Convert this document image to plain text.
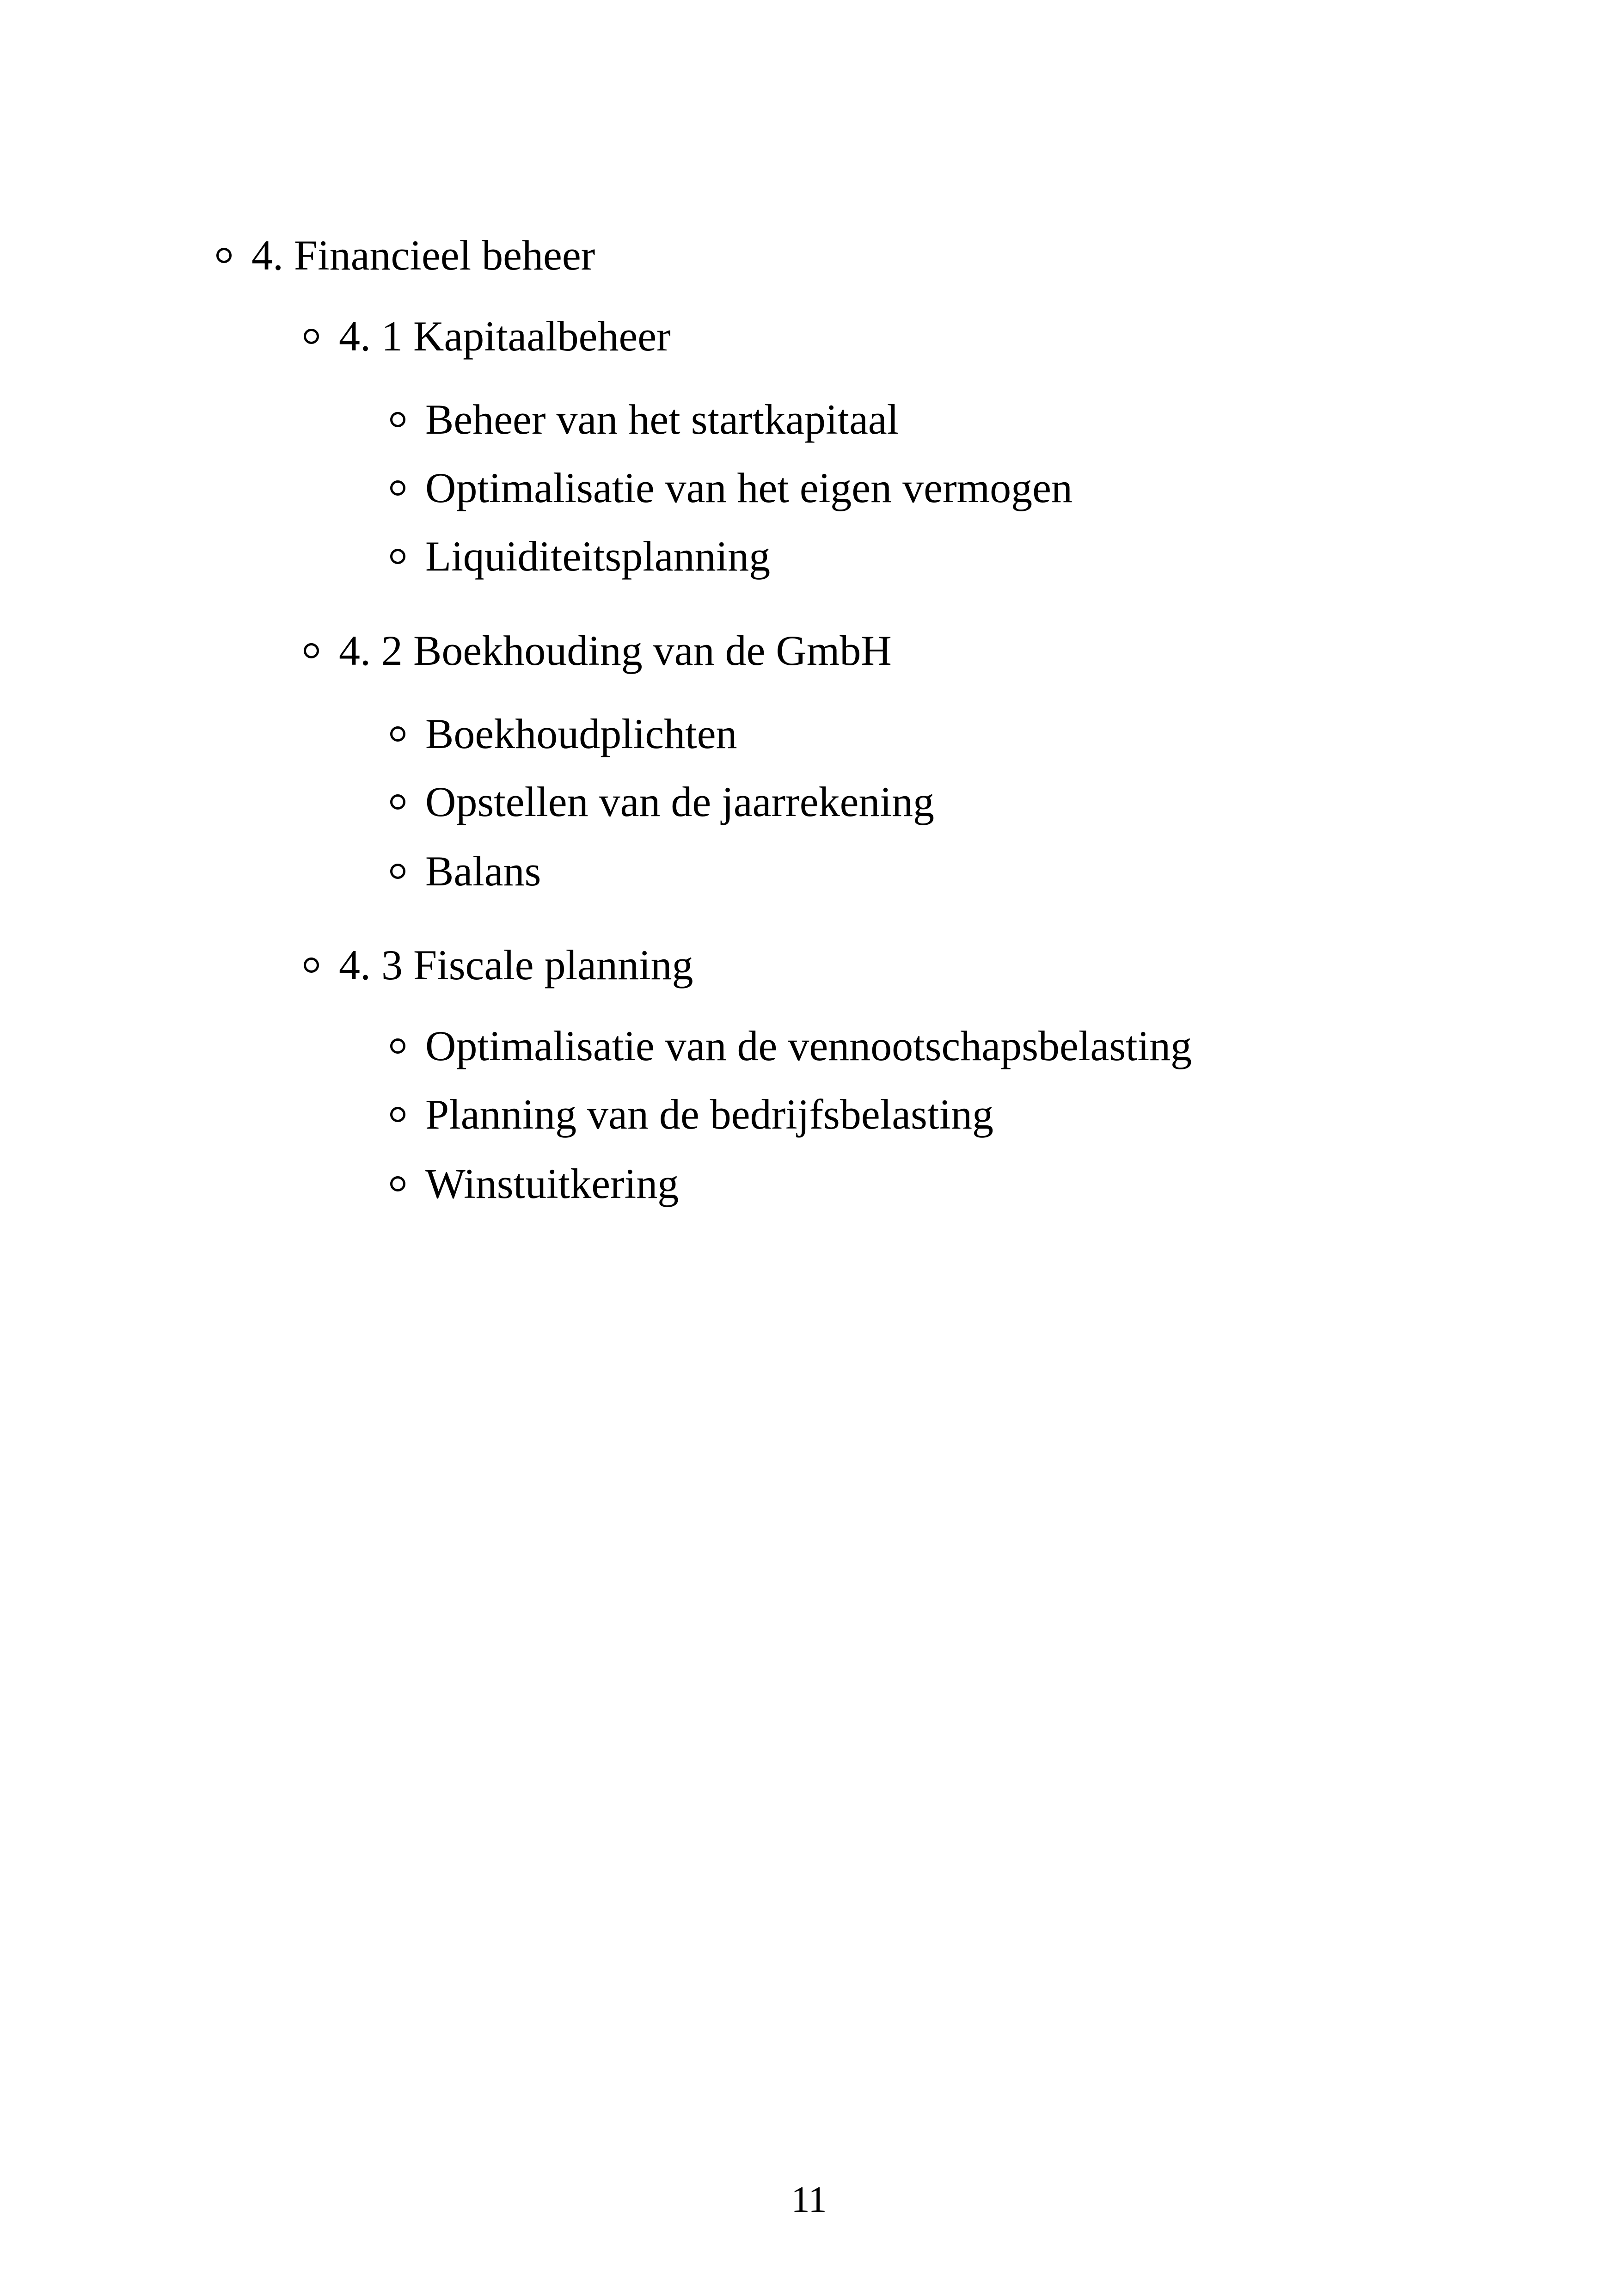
4. Financieel beheer
4. 1 Kapitaalbeheer
Beheer van het startkapitaal
Optimalisatie van het eigen vermogen
Liquiditeitsplanning
4. 2 Boekhouding van de GmbH
Boekhoudplichten
Opstellen van de jaarrekening
Balans
4. 3 Fiscale planning
Optimalisatie van de vennootschapsbelasting
Planning van de bedrijfsbelasting
Winstuitkering
11
